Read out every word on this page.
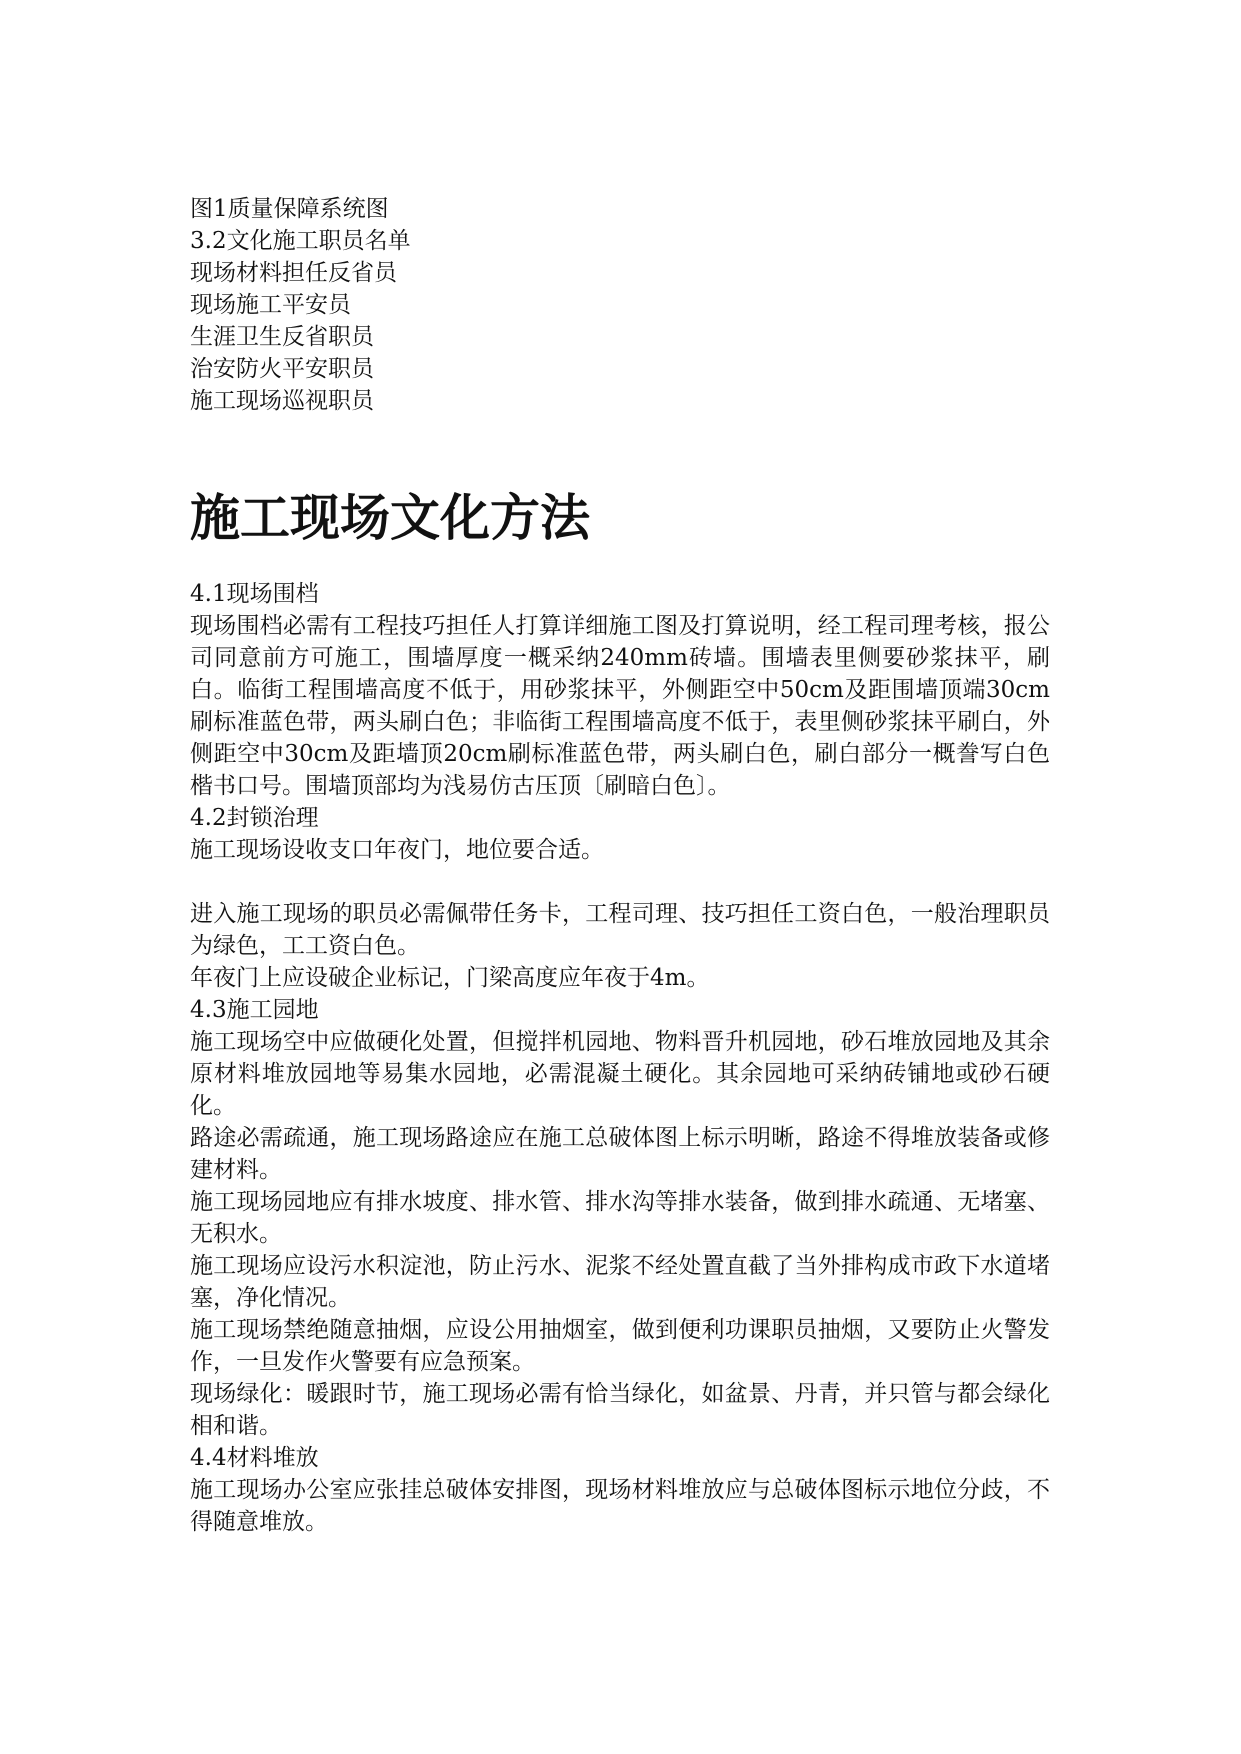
图1质量保障系统图
3.2文化施工职员名单
现场材料担任反省员
现场施工平安员
生涯卫生反省职员
治安防火平安职员
施工现场巡视职员
施工现场文化方法
4.1现场围档
现场围档必需有工程技巧担任人打算详细施工图及打算说明，经工程司理考核，报公司同意前方可施工，围墙厚度一概采纳240mm砖墙。围墙表里侧要砂浆抹平，刷白。临街工程围墙高度不低于，用砂浆抹平，外侧距空中50cm及距围墙顶端30cm刷标准蓝色带，两头刷白色；非临街工程围墙高度不低于，表里侧砂浆抹平刷白，外侧距空中30cm及距墙顶20cm刷标准蓝色带，两头刷白色，刷白部分一概誊写白色楷书口号。围墙顶部均为浅易仿古压顶〔刷暗白色〕。
4.2封锁治理
施工现场设收支口年夜门，地位要合适。
进入施工现场的职员必需佩带任务卡，工程司理、技巧担任工资白色，一般治理职员为绿色，工工资白色。
年夜门上应设破企业标记，门梁高度应年夜于4m。
4.3施工园地
施工现场空中应做硬化处置，但搅拌机园地、物料晋升机园地，砂石堆放园地及其余原材料堆放园地等易集水园地，必需混凝土硬化。其余园地可采纳砖铺地或砂石硬化。
路途必需疏通，施工现场路途应在施工总破体图上标示明晰，路途不得堆放装备或修建材料。
施工现场园地应有排水坡度、排水管、排水沟等排水装备，做到排水疏通、无堵塞、无积水。
施工现场应设污水积淀池，防止污水、泥浆不经处置直截了当外排构成市政下水道堵塞，净化情况。
施工现场禁绝随意抽烟，应设公用抽烟室，做到便利功课职员抽烟，又要防止火警发作，一旦发作火警要有应急预案。
现场绿化：暖跟时节，施工现场必需有恰当绿化，如盆景、丹青，并只管与都会绿化相和谐。
4.4材料堆放
施工现场办公室应张挂总破体安排图，现场材料堆放应与总破体图标示地位分歧，不得随意堆放。
